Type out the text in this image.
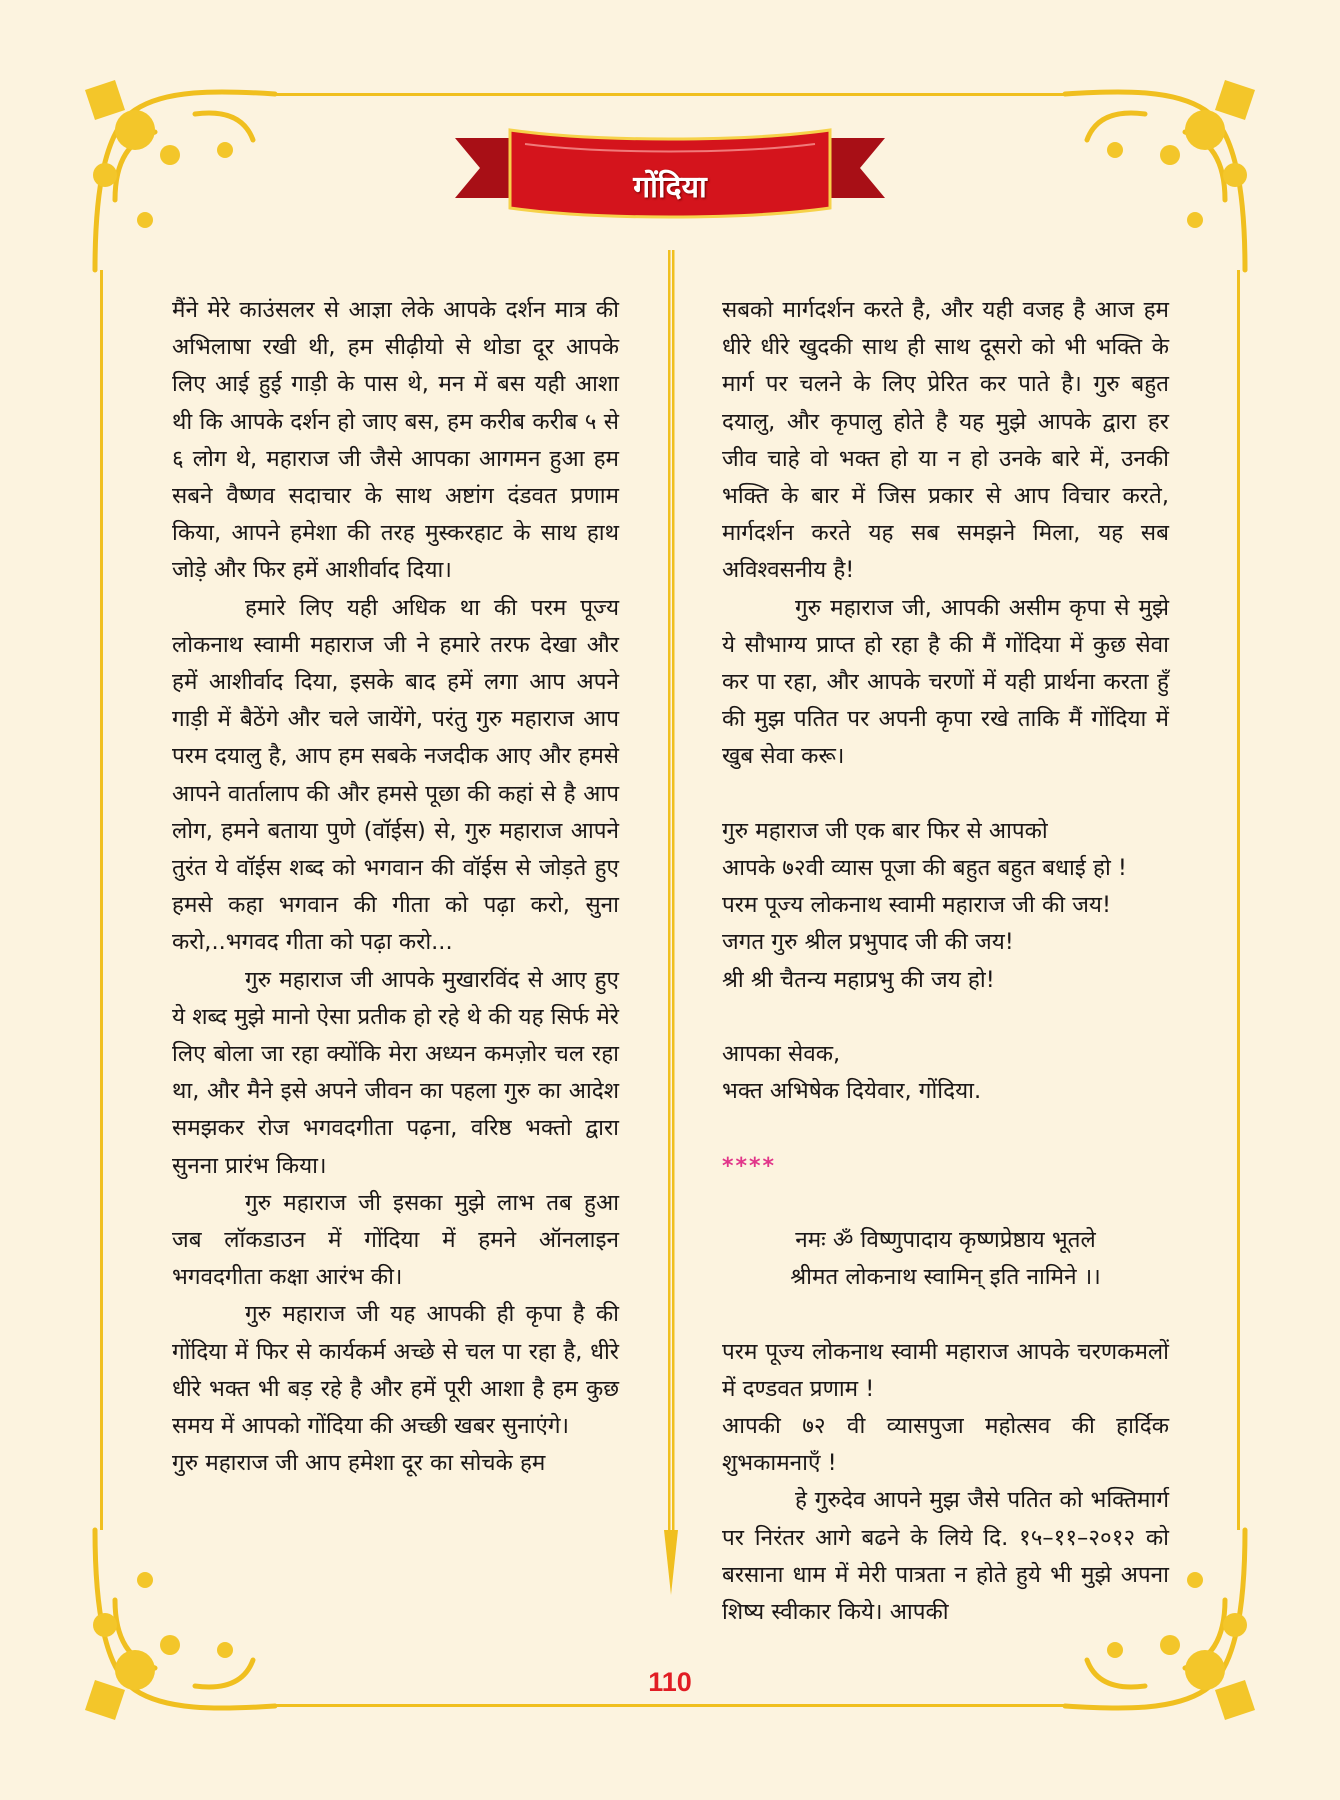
गोंदिया

मैंने मेरे काउंसलर से आज्ञा लेके आपके दर्शन मात्र की अभिलाषा रखी थी, हम सीढ़ीयो से थोडा दूर आपके लिए आई हुई गाड़ी के पास थे, मन में बस यही आशा थी कि आपके दर्शन हो जाए बस, हम करीब करीब ५ से ६ लोग थे, महाराज जी जैसे आपका आगमन हुआ हम सबने वैष्णव सदाचार के साथ अष्टांग दंडवत प्रणाम किया, आपने हमेशा की तरह मुस्करहाट के साथ हाथ जोड़े और फिर हमें आशीर्वाद दिया।

हमारे लिए यही अधिक था की परम पूज्य लोकनाथ स्वामी महाराज जी ने हमारे तरफ देखा और हमें आशीर्वाद दिया, इसके बाद हमें लगा आप अपने गाड़ी में बैठेंगे और चले जायेंगे, परंतु गुरु महाराज आप परम दयालु है, आप हम सबके नजदीक आए और हमसे आपने वार्तालाप की और हमसे पूछा की कहां से है आप लोग, हमने बताया पुणे (वॉईस) से, गुरु महाराज आपने तुरंत ये वॉईस शब्द को भगवान की वॉईस से जोड़ते हुए हमसे कहा भगवान की गीता को पढ़ा करो, सुना करो,..भगवद गीता को पढ़ा करो...

गुरु महाराज जी आपके मुखारविंद से आए हुए ये शब्द मुझे मानो ऐसा प्रतीक हो रहे थे की यह सिर्फ मेरे लिए बोला जा रहा क्योंकि मेरा अध्यन कमज़ोर चल रहा था, और मैने इसे अपने जीवन का पहला गुरु का आदेश समझकर रोज भगवदगीता पढ़ना, वरिष्ठ भक्तो द्वारा सुनना प्रारंभ किया।

गुरु महाराज जी इसका मुझे लाभ तब हुआ जब लॉकडाउन में गोंदिया में हमने ऑनलाइन भगवदगीता कक्षा आरंभ की।

गुरु महाराज जी यह आपकी ही कृपा है की गोंदिया में फिर से कार्यकर्म अच्छे से चल पा रहा है, धीरे धीरे भक्त भी बड़ रहे है और हमें पूरी आशा है हम कुछ समय में आपको गोंदिया की अच्छी खबर सुनाएंगे।

गुरु महाराज जी आप हमेशा दूर का सोचके हम

सबको मार्गदर्शन करते है, और यही वजह है आज हम धीरे धीरे खुदकी साथ ही साथ दूसरो को भी भक्ति के मार्ग पर चलने के लिए प्रेरित कर पाते है। गुरु बहुत दयालु, और कृपालु होते है यह मुझे आपके द्वारा हर जीव चाहे वो भक्त हो या न हो उनके बारे में, उनकी भक्ति के बार में जिस प्रकार से आप विचार करते, मार्गदर्शन करते यह सब समझने मिला, यह सब अविश्वसनीय है!

गुरु महाराज जी, आपकी असीम कृपा से मुझे ये सौभाग्य प्राप्त हो रहा है की मैं गोंदिया में कुछ सेवा कर पा रहा, और आपके चरणों में यही प्रार्थना करता हुँ की मुझ पतित पर अपनी कृपा रखे ताकि मैं गोंदिया में खुब सेवा करू।

गुरु महाराज जी एक बार फिर से आपको

आपके ७२वी व्यास पूजा की बहुत बहुत बधाई हो !

परम पूज्य लोकनाथ स्वामी महाराज जी की जय!

जगत गुरु श्रील प्रभुपाद जी की जय!

श्री श्री चैतन्य महाप्रभु की जय हो!

आपका सेवक,

भक्त अभिषेक दियेवार, गोंदिया.

****

नमः ॐ विष्णुपादाय कृष्णप्रेष्ठाय भूतले

श्रीमत लोकनाथ स्वामिन् इति नामिने ।।

परम पूज्य लोकनाथ स्वामी महाराज आपके चरणकमलों में दण्डवत प्रणाम !

आपकी ७२ वी व्यासपुजा महोत्सव की हार्दिक शुभकामनाएँ !

हे गुरुदेव आपने मुझ जैसे पतित को भक्तिमार्ग पर निरंतर आगे बढने के लिये दि. १५–११–२०१२ को बरसाना धाम में मेरी पात्रता न होते हुये भी मुझे अपना शिष्य स्वीकार किये। आपकी

110
